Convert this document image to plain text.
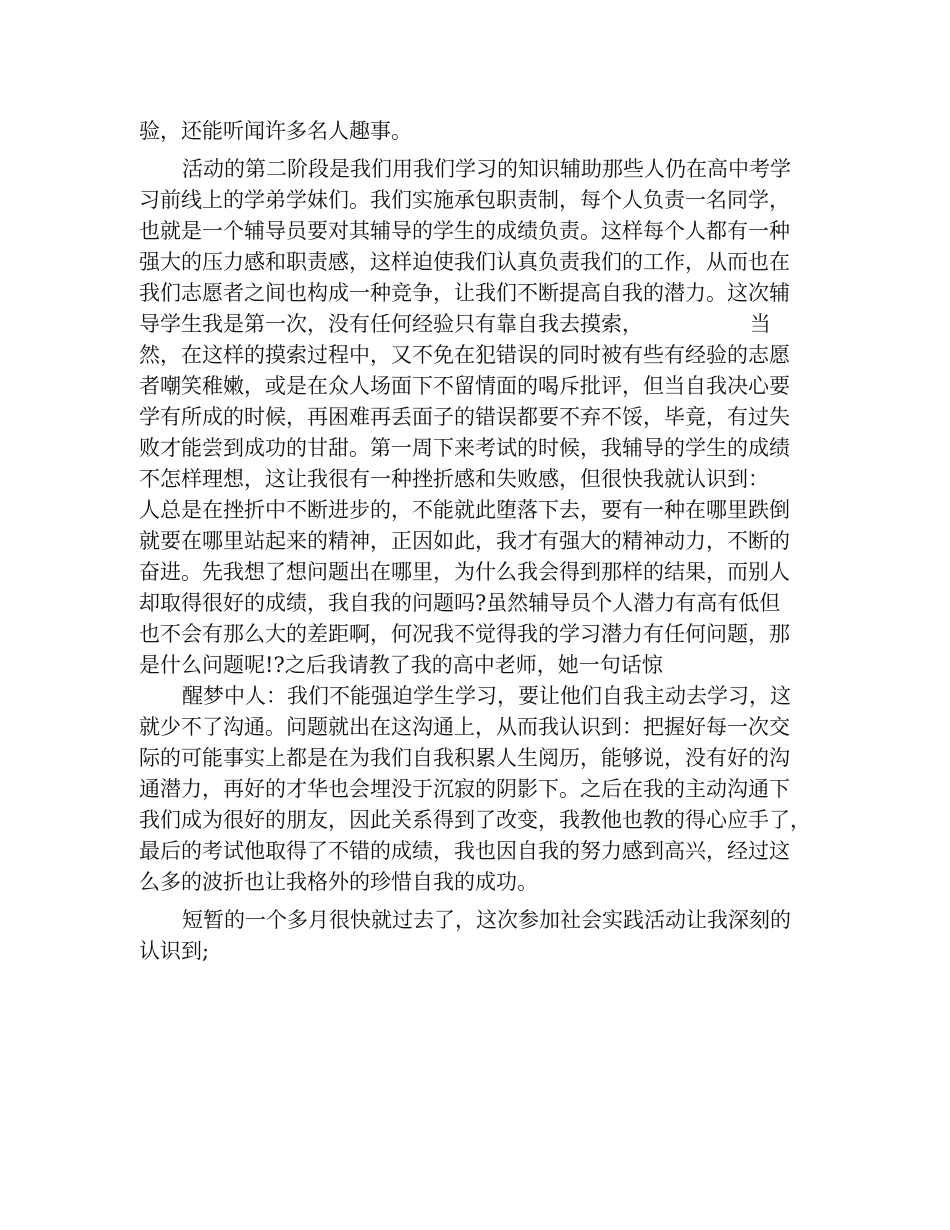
验，还能听闻许多名人趣事。
活动的第二阶段是我们用我们学习的知识辅助那些人仍在高中考学
习前线上的学弟学妹们。我们实施承包职责制，每个人负责一名同学，
也就是一个辅导员要对其辅导的学生的成绩负责。这样每个人都有一种
强大的压力感和职责感，这样迫使我们认真负责我们的工作，从而也在
我们志愿者之间也构成一种竞争，让我们不断提高自我的潜力。这次辅
导学生我是第一次，没有任何经验只有靠自我去摸索，                当
然，在这样的摸索过程中，又不免在犯错误的同时被有些有经验的志愿
者嘲笑稚嫩，或是在众人场面下不留情面的喝斥批评，但当自我决心要
学有所成的时候，再困难再丢面子的错误都要不弃不馁，毕竟，有过失
败才能尝到成功的甘甜。第一周下来考试的时候，我辅导的学生的成绩
不怎样理想，这让我很有一种挫折感和失败感，但很快我就认识到：
人总是在挫折中不断进步的，不能就此堕落下去，要有一种在哪里跌倒
就要在哪里站起来的精神，正因如此，我才有强大的精神动力，不断的
奋进。先我想了想问题出在哪里，为什么我会得到那样的结果，而别人
却取得很好的成绩，我自我的问题吗?虽然辅导员个人潜力有高有低但
也不会有那么大的差距啊，何况我不觉得我的学习潜力有任何问题，那
是什么问题呢!?之后我请教了我的高中老师，她一句话惊
醒梦中人：我们不能强迫学生学习，要让他们自我主动去学习，这
就少不了沟通。问题就出在这沟通上，从而我认识到：把握好每一次交
际的可能事实上都是在为我们自我积累人生阅历，能够说，没有好的沟
通潜力，再好的才华也会埋没于沉寂的阴影下。之后在我的主动沟通下
我们成为很好的朋友，因此关系得到了改变，我教他也教的得心应手了，
最后的考试他取得了不错的成绩，我也因自我的努力感到高兴，经过这
么多的波折也让我格外的珍惜自我的成功。
短暂的一个多月很快就过去了，这次参加社会实践活动让我深刻的
认识到;
